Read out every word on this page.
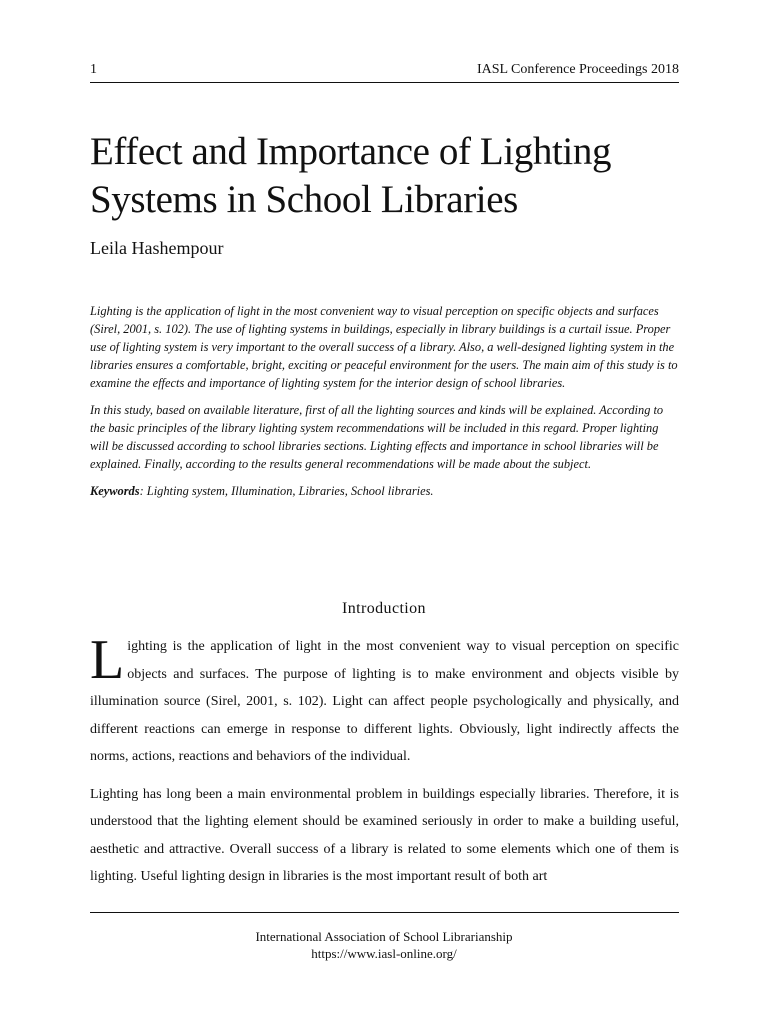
1	IASL Conference Proceedings 2018
Effect and Importance of Lighting Systems in School Libraries

Leila Hashempour

Lighting is the application of light in the most convenient way to visual perception on specific objects and surfaces (Sirel, 2001, s. 102). The use of lighting systems in buildings, especially in library buildings is a curtail issue. Proper use of lighting system is very important to the overall success of a library. Also, a well-designed lighting system in the libraries ensures a comfortable, bright, exciting or peaceful environment for the users. The main aim of this study is to examine the effects and importance of lighting system for the interior design of school libraries.

In this study, based on available literature, first of all the lighting sources and kinds will be explained. According to the basic principles of the library lighting system recommendations will be included in this regard. Proper lighting will be discussed according to school libraries sections. Lighting effects and importance in school libraries will be explained. Finally, according to the results general recommendations will be made about the subject.

Keywords: Lighting system, Illumination, Libraries, School libraries.

Introduction

Lighting is the application of light in the most convenient way to visual perception on specific objects and surfaces. The purpose of lighting is to make environment and objects visible by illumination source (Sirel, 2001, s. 102). Light can affect people psychologically and physically, and different reactions can emerge in response to different lights. Obviously, light indirectly affects the norms, actions, reactions and behaviors of the individual.

Lighting has long been a main environmental problem in buildings especially libraries. Therefore, it is understood that the lighting element should be examined seriously in order to make a building useful, aesthetic and attractive. Overall success of a library is related to some elements which one of them is lighting. Useful lighting design in libraries is the most important result of both art

International Association of School Librarianship
https://www.iasl-online.org/
